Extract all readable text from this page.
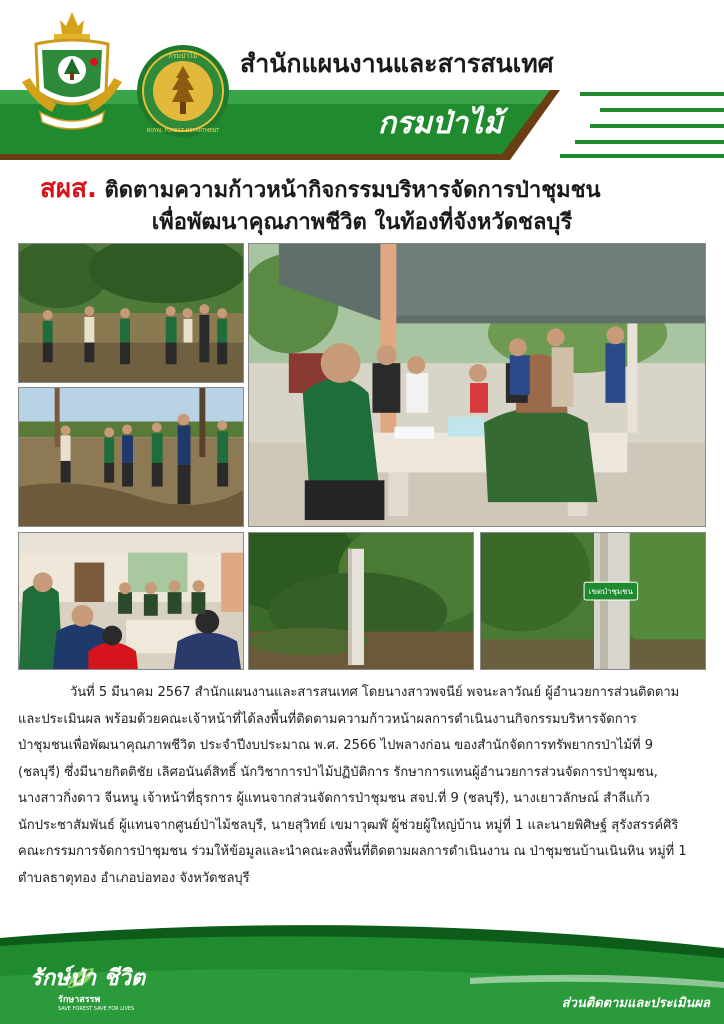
กรมป่าไม้
ROYAL FOREST DEPARTMENT
สำนักแผนงานและสารสนเทศ
กรมป่าไม้
สผส. ติดตามความก้าวหน้ากิจกรรมบริหารจัดการป่าชุมชน
เพื่อพัฒนาคุณภาพชีวิต ในท้องที่จังหวัดชลบุรี
เขตป่าชุมชน

วันที่ 5 มีนาคม 2567 สำนักแผนงานและสารสนเทศ โดยนางสาวพจนีย์ พจนะลาวัณย์ ผู้อำนวยการส่วนติดตาม

และประเมินผล พร้อมด้วยคณะเจ้าหน้าที่ได้ลงพื้นที่ติดตามความก้าวหน้าผลการดำเนินงานกิจกรรมบริหารจัดการ

ป่าชุมชนเพื่อพัฒนาคุณภาพชีวิต ประจำปีงบประมาณ พ.ศ. 2566 ไปพลางก่อน ของสำนักจัดการทรัพยากรป่าไม้ที่ 9

(ชลบุรี) ซึ่งมีนายกิตติชัย เลิศอนันต์สิทธิ์ นักวิชาการป่าไม้ปฏิบัติการ รักษาการแทนผู้อำนวยการส่วนจัดการป่าชุมชน,

นางสาวกิ่งดาว จีนหนู เจ้าหน้าที่ธุรการ ผู้แทนจากส่วนจัดการป่าชุมชน สจป.ที่ 9 (ชลบุรี), นางเยาวลักษณ์ สำลีแก้ว

นักประชาสัมพันธ์ ผู้แทนจากศูนย์ป่าไม้ชลบุรี, นายสุวิทย์ เขมาวุฒฬ์ ผู้ช่วยผู้ใหญ่บ้าน หมู่ที่ 1 และนายพิศิษฐ์ สุรังสรรค์ศิริ

คณะกรรมการจัดการป่าชุมชน ร่วมให้ข้อมูลและนำคณะลงพื้นที่ติดตามผลการดำเนินงาน ณ ป่าชุมชนบ้านเนินหิน หมู่ที่ 1

ตำบลธาตุทอง อำเภอบ่อทอง จังหวัดชลบุรี

รักษ์ป่า ชีวิต
รักษาสรรพ
SAVE FOREST SAVE FOR LIVES	ส่วนติดตามและประเมินผล
